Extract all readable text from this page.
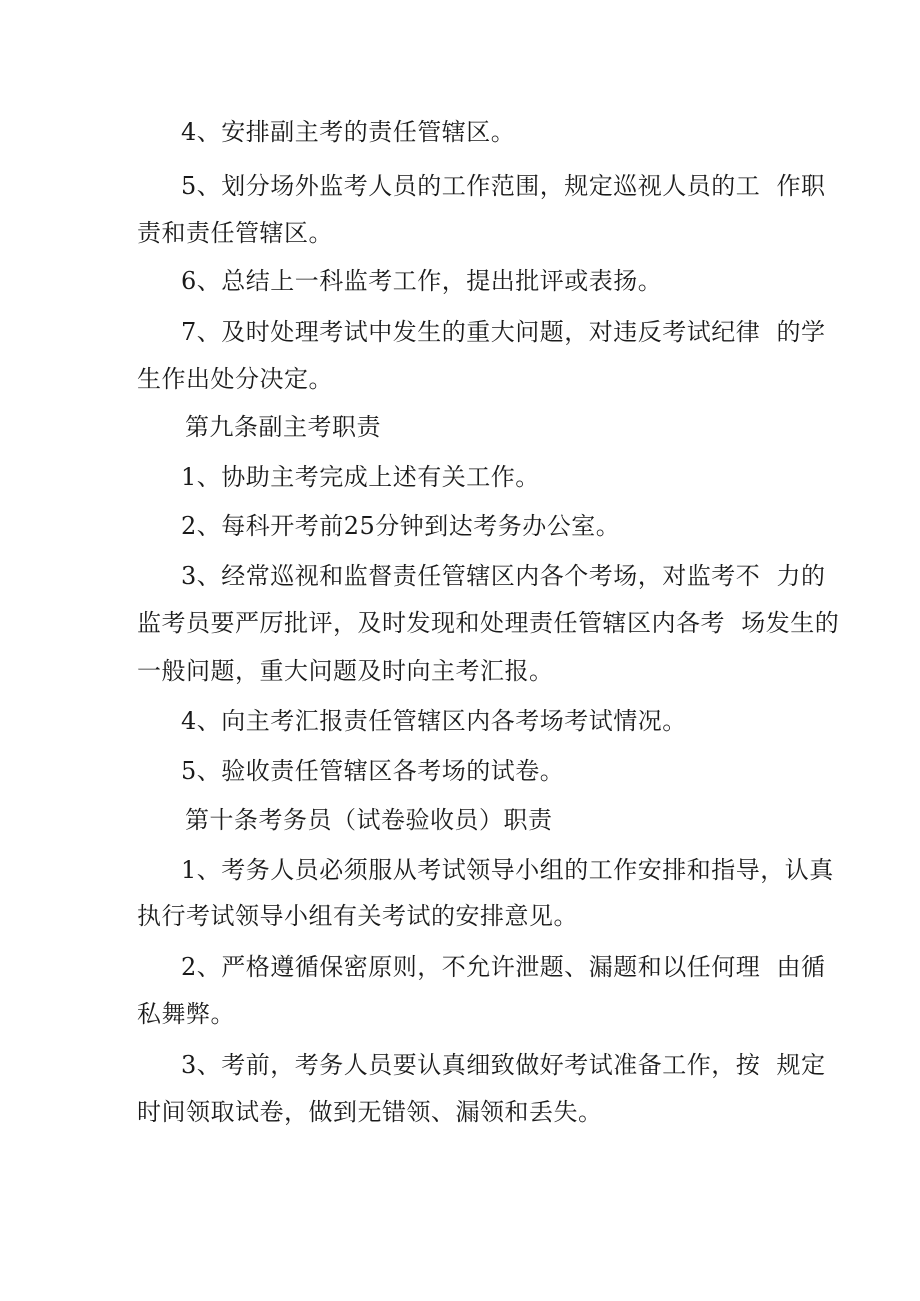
4、安排副主考的责任管辖区。
5、划分场外监考人员的工作范围，规定巡视人员的工  作职
责和责任管辖区。
6、总结上一科监考工作，提出批评或表扬。
7、及时处理考试中发生的重大问题，对违反考试纪律  的学
生作出处分决定。
第九条副主考职责
1、协助主考完成上述有关工作。
2、每科开考前25分钟到达考务办公室。
3、经常巡视和监督责任管辖区内各个考场，对监考不  力的
监考员要严厉批评，及时发现和处理责任管辖区内各考  场发生的
一般问题，重大问题及时向主考汇报。
4、向主考汇报责任管辖区内各考场考试情况。
5、验收责任管辖区各考场的试卷。
第十条考务员（试卷验收员）职责
1、考务人员必须服从考试领导小组的工作安排和指导，认真
执行考试领导小组有关考试的安排意见。
2、严格遵循保密原则，不允许泄题、漏题和以任何理  由循
私舞弊。
3、考前，考务人员要认真细致做好考试准备工作，按  规定
时间领取试卷，做到无错领、漏领和丢失。
